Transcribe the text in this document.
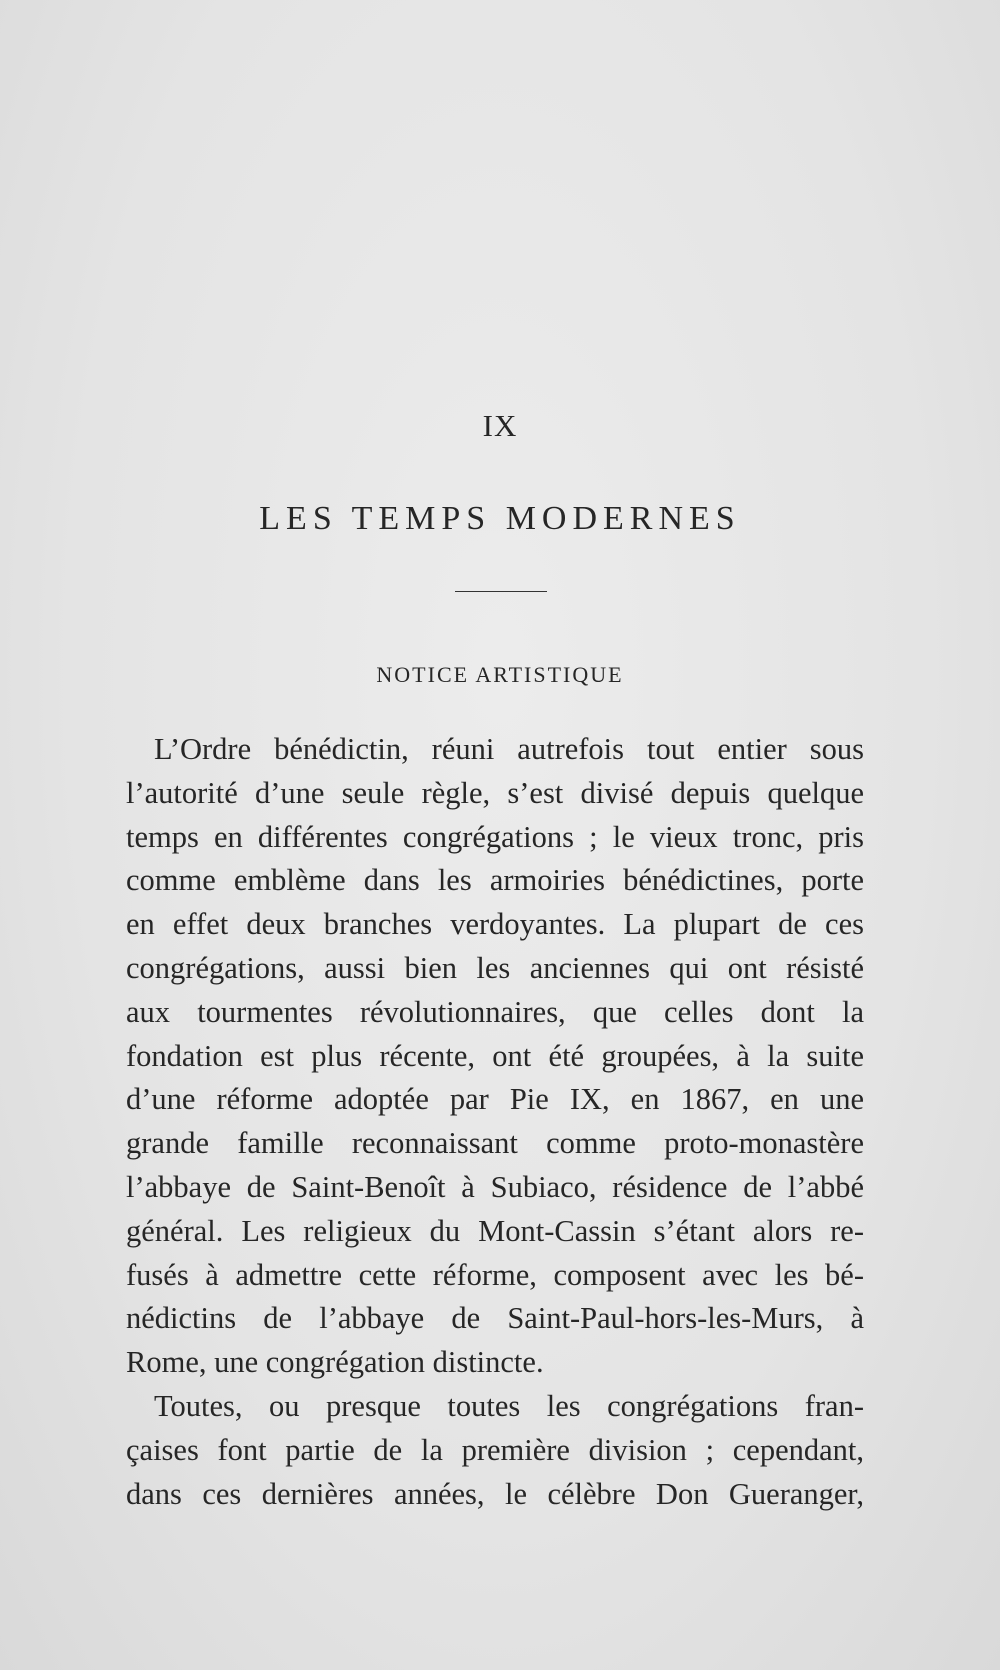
IX
LES TEMPS MODERNES
NOTICE ARTISTIQUE

L’Ordre bénédictin, réuni autrefois tout entier sous
l’autorité d’une seule règle, s’est divisé depuis quelque
temps en différentes congrégations ; le vieux tronc, pris
comme emblème dans les armoiries bénédictines, porte
en effet deux branches verdoyantes. La plupart de ces
congrégations, aussi bien les anciennes qui ont résisté
aux tourmentes révolutionnaires, que celles dont la
fondation est plus récente, ont été groupées, à la suite
d’une réforme adoptée par Pie IX, en 1867, en une
grande famille reconnaissant comme proto-monastère
l’abbaye de Saint-Benoît à Subiaco, résidence de l’abbé
général. Les religieux du Mont-Cassin s’étant alors re-
fusés à admettre cette réforme, composent avec les bé-
nédictins de l’abbaye de Saint-Paul-hors-les-Murs, à
Rome, une congrégation distincte.

Toutes, ou presque toutes les congrégations fran-
çaises font partie de la première division ; cependant,
dans ces dernières années, le célèbre Don Gueranger,
